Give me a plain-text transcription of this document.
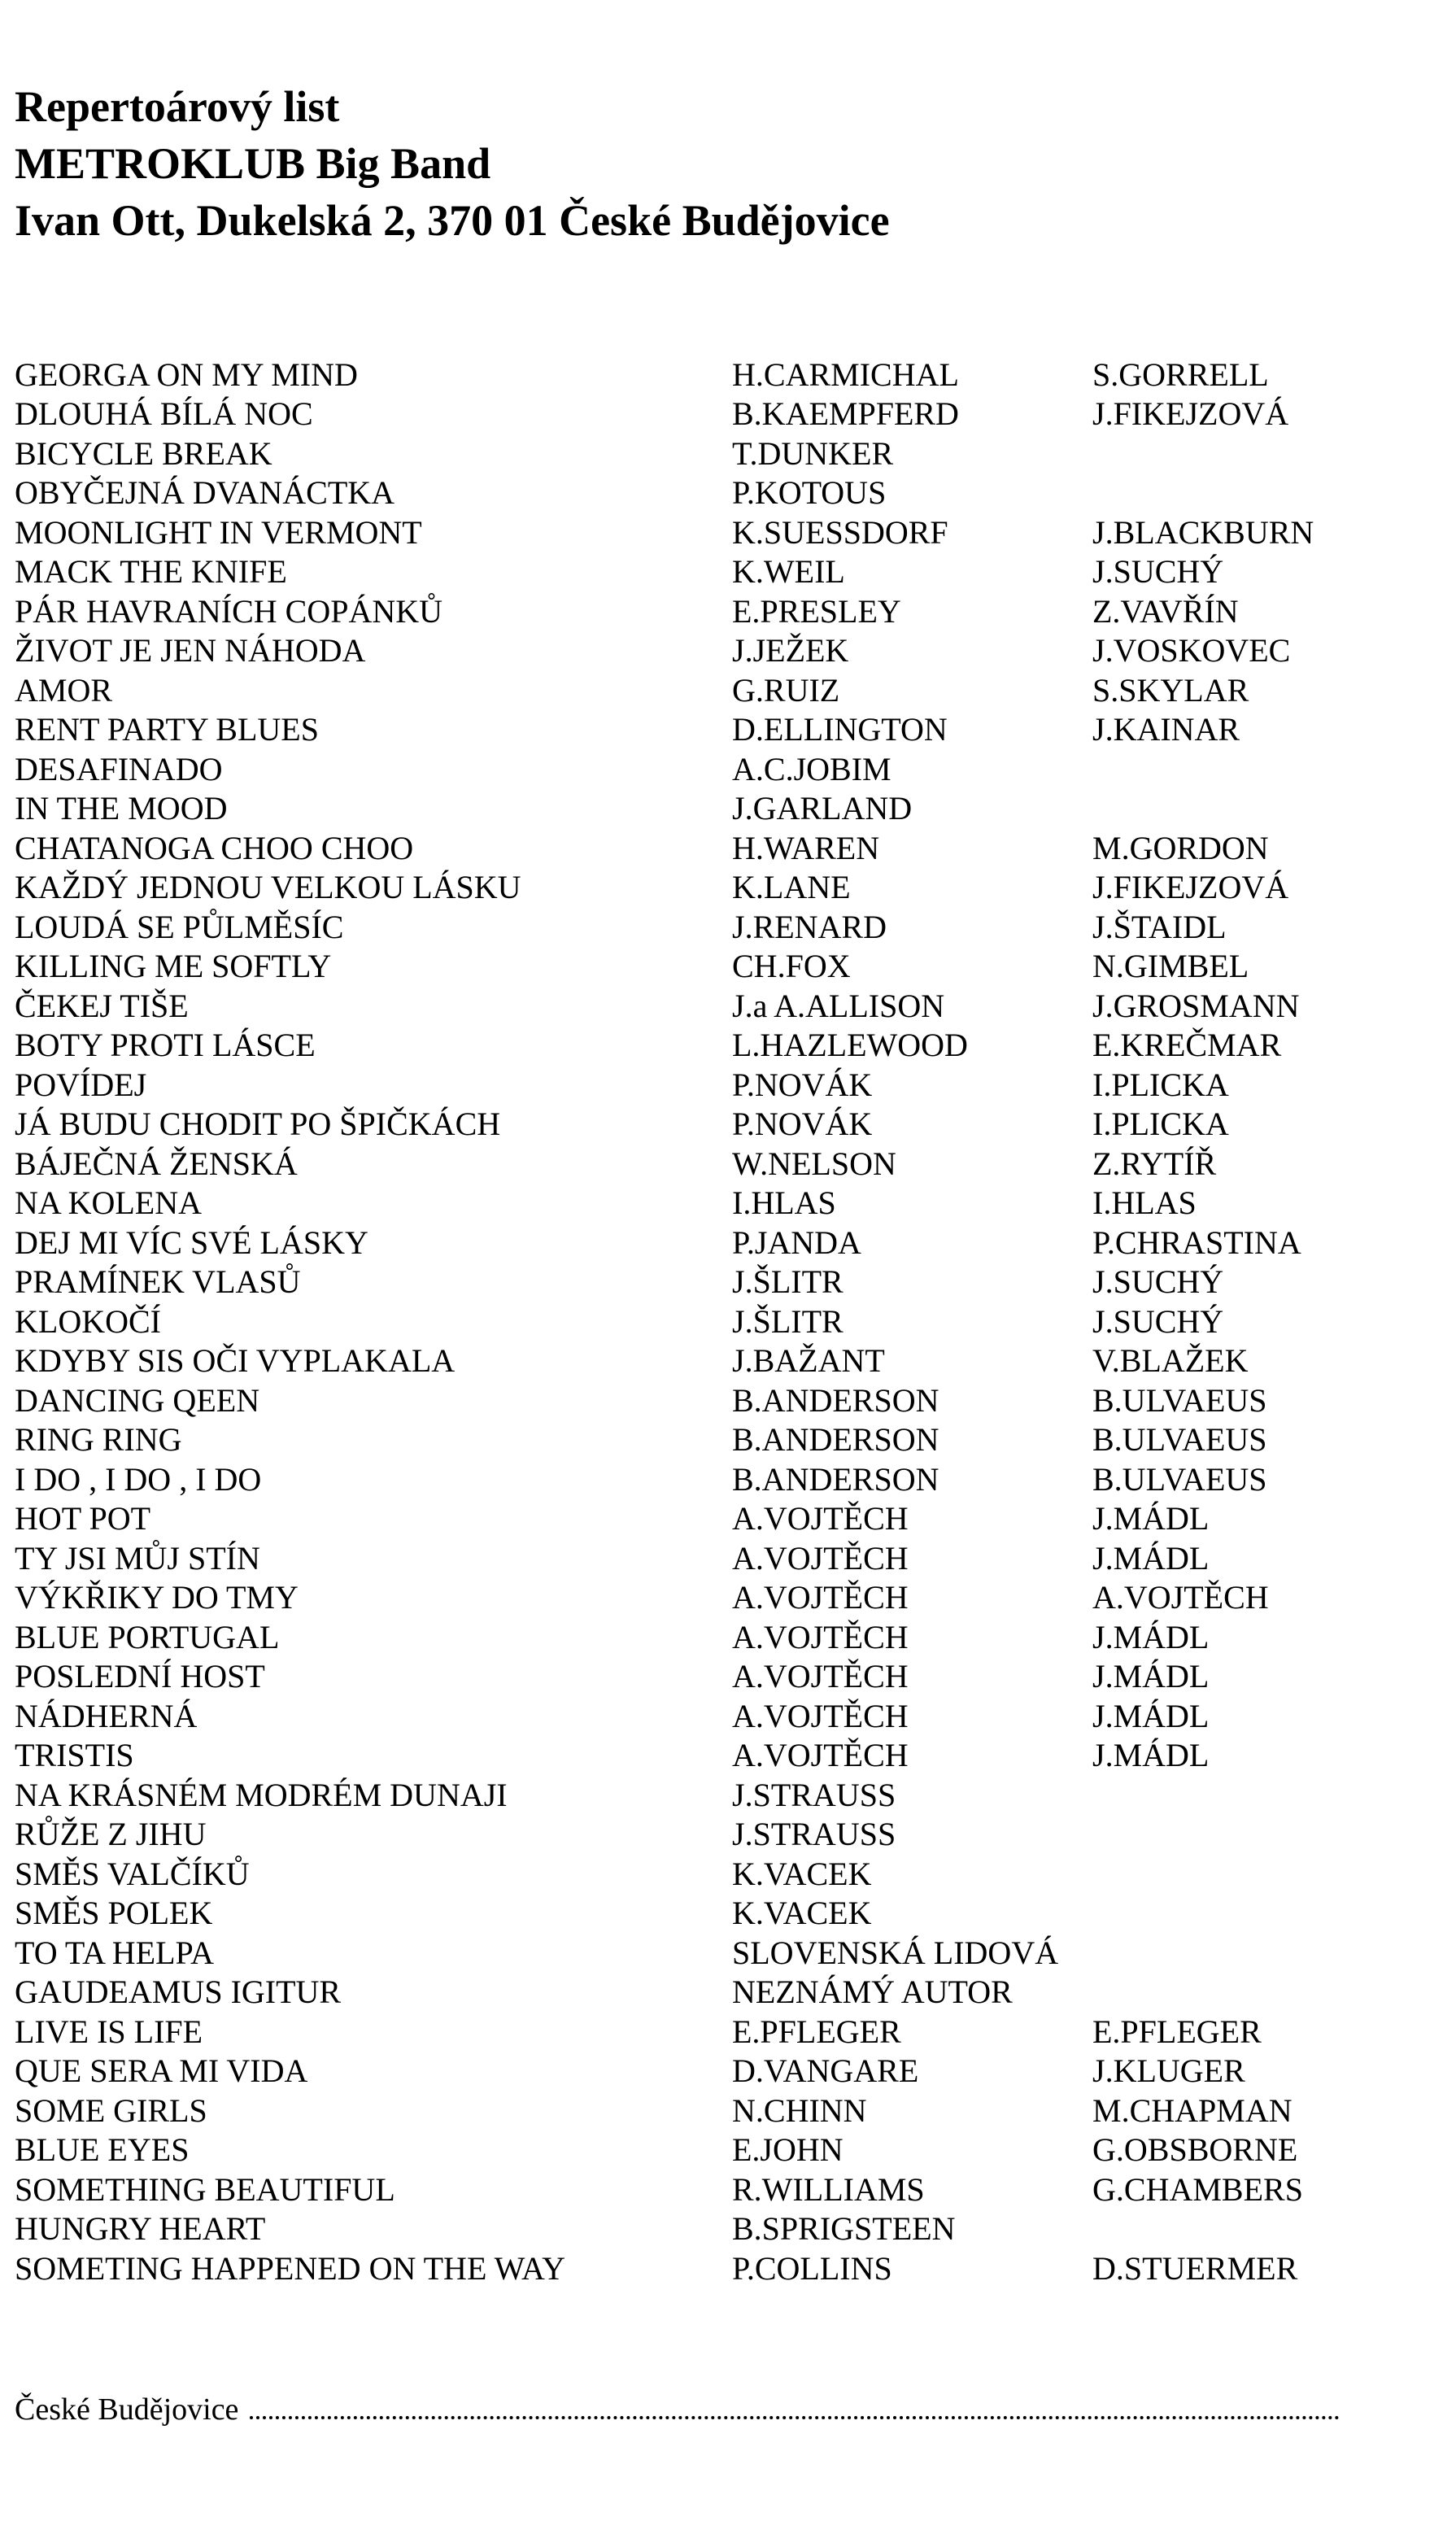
Repertoárový list
METROKLUB Big Band
Ivan Ott, Dukelská 2, 370 01 České Budějovice
GEORGA ON MY MIND	H.CARMICHAL	S.GORRELL
DLOUHÁ BÍLÁ NOC	B.KAEMPFERD	J.FIKEJZOVÁ
BICYCLE BREAK	T.DUNKER
OBYČEJNÁ DVANÁCTKA	P.KOTOUS
MOONLIGHT IN VERMONT	K.SUESSDORF	J.BLACKBURN
MACK THE KNIFE	K.WEIL	J.SUCHÝ
PÁR HAVRANÍCH COPÁNKŮ	E.PRESLEY	Z.VAVŘÍN
ŽIVOT JE JEN NÁHODA	J.JEŽEK	J.VOSKOVEC
AMOR	G.RUIZ	S.SKYLAR
RENT PARTY BLUES	D.ELLINGTON	J.KAINAR
DESAFINADO	A.C.JOBIM
IN THE MOOD	J.GARLAND
CHATANOGA CHOO CHOO	H.WAREN	M.GORDON
KAŽDÝ JEDNOU VELKOU LÁSKU	K.LANE	J.FIKEJZOVÁ
LOUDÁ SE PŮLMĚSÍC	J.RENARD	J.ŠTAIDL
KILLING ME SOFTLY	CH.FOX	N.GIMBEL
ČEKEJ TIŠE	J.a A.ALLISON	J.GROSMANN
BOTY PROTI LÁSCE	L.HAZLEWOOD	E.KREČMAR
POVÍDEJ	P.NOVÁK	I.PLICKA
JÁ BUDU CHODIT PO ŠPIČKÁCH	P.NOVÁK	I.PLICKA
BÁJEČNÁ ŽENSKÁ	W.NELSON	Z.RYTÍŘ
NA KOLENA	I.HLAS	I.HLAS
DEJ MI VÍC SVÉ LÁSKY	P.JANDA	P.CHRASTINA
PRAMÍNEK VLASŮ	J.ŠLITR	J.SUCHÝ
KLOKOČÍ	J.ŠLITR	J.SUCHÝ
KDYBY SIS OČI VYPLAKALA	J.BAŽANT	V.BLAŽEK
DANCING QEEN	B.ANDERSON	B.ULVAEUS
RING RING	B.ANDERSON	B.ULVAEUS
I DO , I DO , I DO	B.ANDERSON	B.ULVAEUS
HOT POT	A.VOJTĚCH	J.MÁDL
TY JSI MŮJ STÍN	A.VOJTĚCH	J.MÁDL
VÝKŘIKY DO TMY	A.VOJTĚCH	A.VOJTĚCH
BLUE PORTUGAL	A.VOJTĚCH	J.MÁDL
POSLEDNÍ HOST	A.VOJTĚCH	J.MÁDL
NÁDHERNÁ	A.VOJTĚCH	J.MÁDL
TRISTIS	A.VOJTĚCH	J.MÁDL
NA KRÁSNÉM MODRÉM DUNAJI	J.STRAUSS
RŮŽE Z JIHU	J.STRAUSS
SMĚS VALČÍKŮ	K.VACEK
SMĚS POLEK	K.VACEK
TO TA HELPA	SLOVENSKÁ LIDOVÁ
GAUDEAMUS IGITUR	NEZNÁMÝ AUTOR
LIVE IS LIFE	E.PFLEGER	E.PFLEGER
QUE SERA MI VIDA	D.VANGARE	J.KLUGER
SOME GIRLS	N.CHINN	M.CHAPMAN
BLUE EYES	E.JOHN	G.OBSBORNE
SOMETHING BEAUTIFUL	R.WILLIAMS	G.CHAMBERS
HUNGRY HEART	B.SPRIGSTEEN
SOMETING HAPPENED ON THE WAY	P.COLLINS	D.STUERMER
České Budějovice
